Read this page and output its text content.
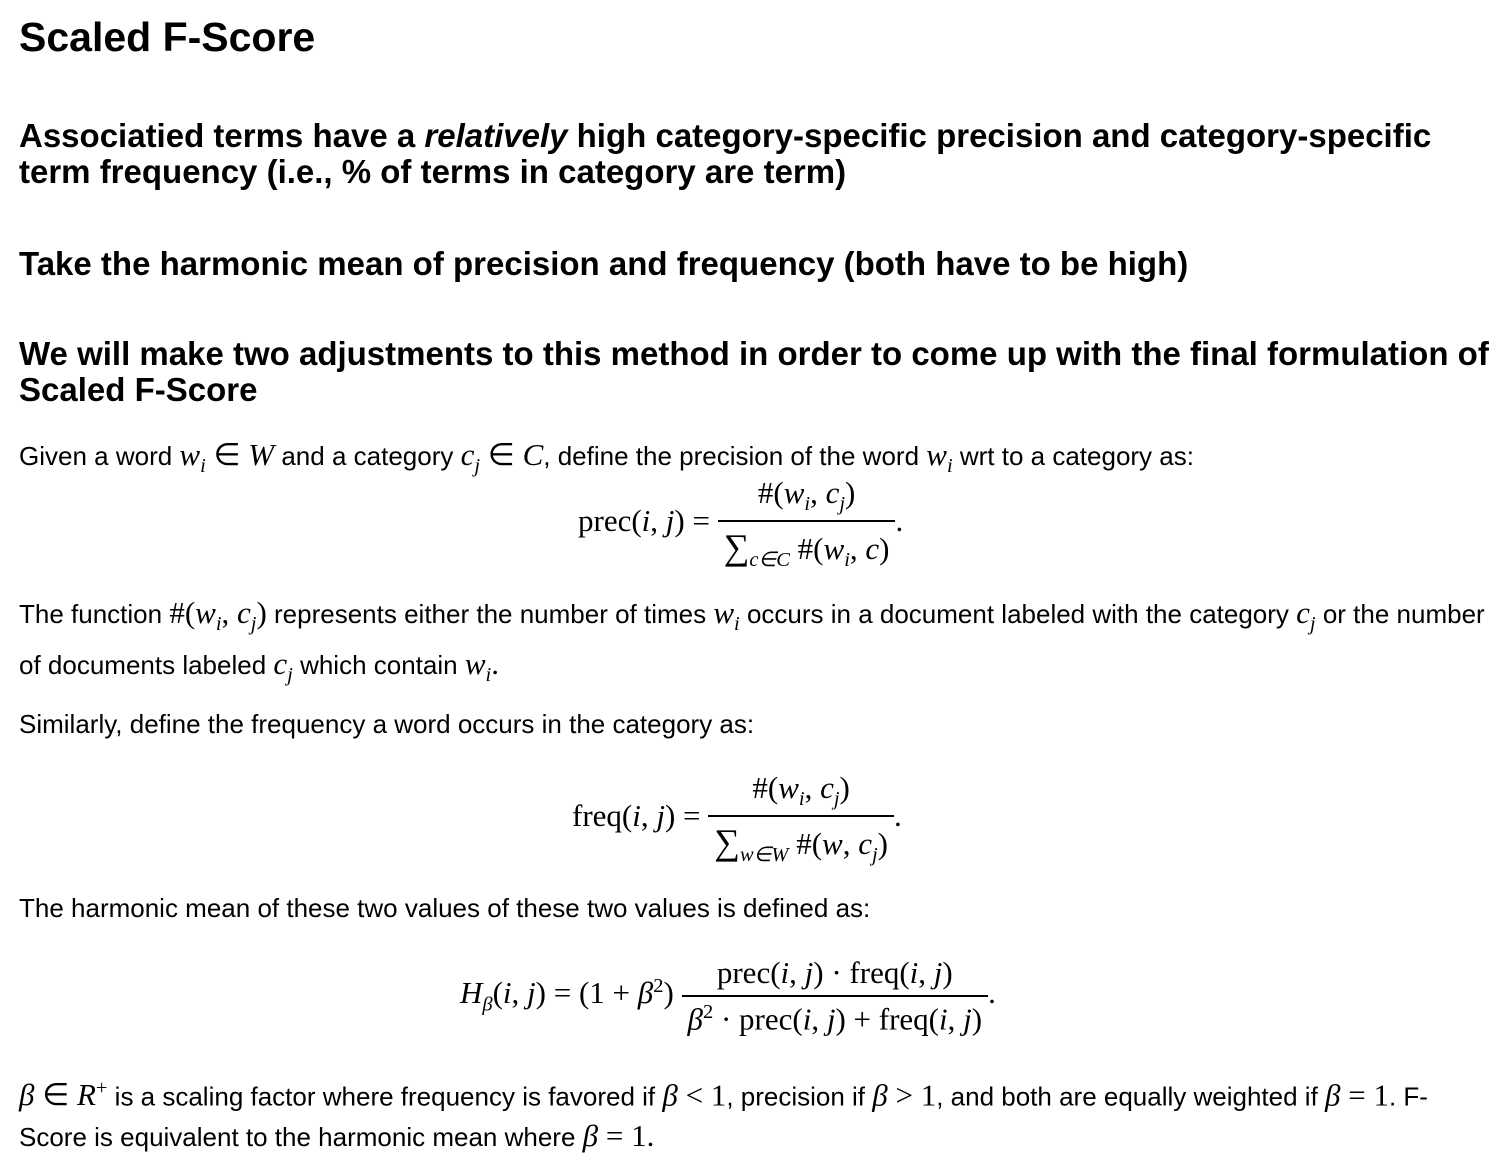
Scaled F-Score
Associatied terms have a relatively high category-specific precision and category-specific term frequency (i.e., % of terms in category are term)
Take the harmonic mean of precision and frequency (both have to be high)
We will make two adjustments to this method in order to come up with the final formulation of Scaled F-Score
Given a word $w_i$ ∈ W and a category $c_j$ ∈ C, define the precision of the word $w_i$ wrt to a category as:
prec(i, $j) = \frac{\#(w_i, c_j)}{\sum_{c\in C} \#(w_i, c)}$ .
The function $\#(w_i$, $c_j$) represents either the number of times $w_i$ occurs in a document labeled with the category $c_j$ or the number of documents labeled $c_j$ which contain $w_i$.
Similarly, define the frequency a word occurs in the category as:
freq(i, $j) = \frac{\#(w_i, c_j)}{\sum_{w\in W} \#(w, c_j)}$ .
The harmonic mean of these two values of these two values is defined as:
$H_\beta(i$, $j) = (1 + \beta^2) \frac{\text{prec(i, j) · freq(i, j)}}{\beta^2 \cdot prec(i, j) + freq(i, j)}$ .
β ∈ R+ is a scaling factor where frequency is favored if β < 1, precision if β > 1, and both are equally weighted if β = 1. F-Score is equivalent to the harmonic mean where β = 1.
